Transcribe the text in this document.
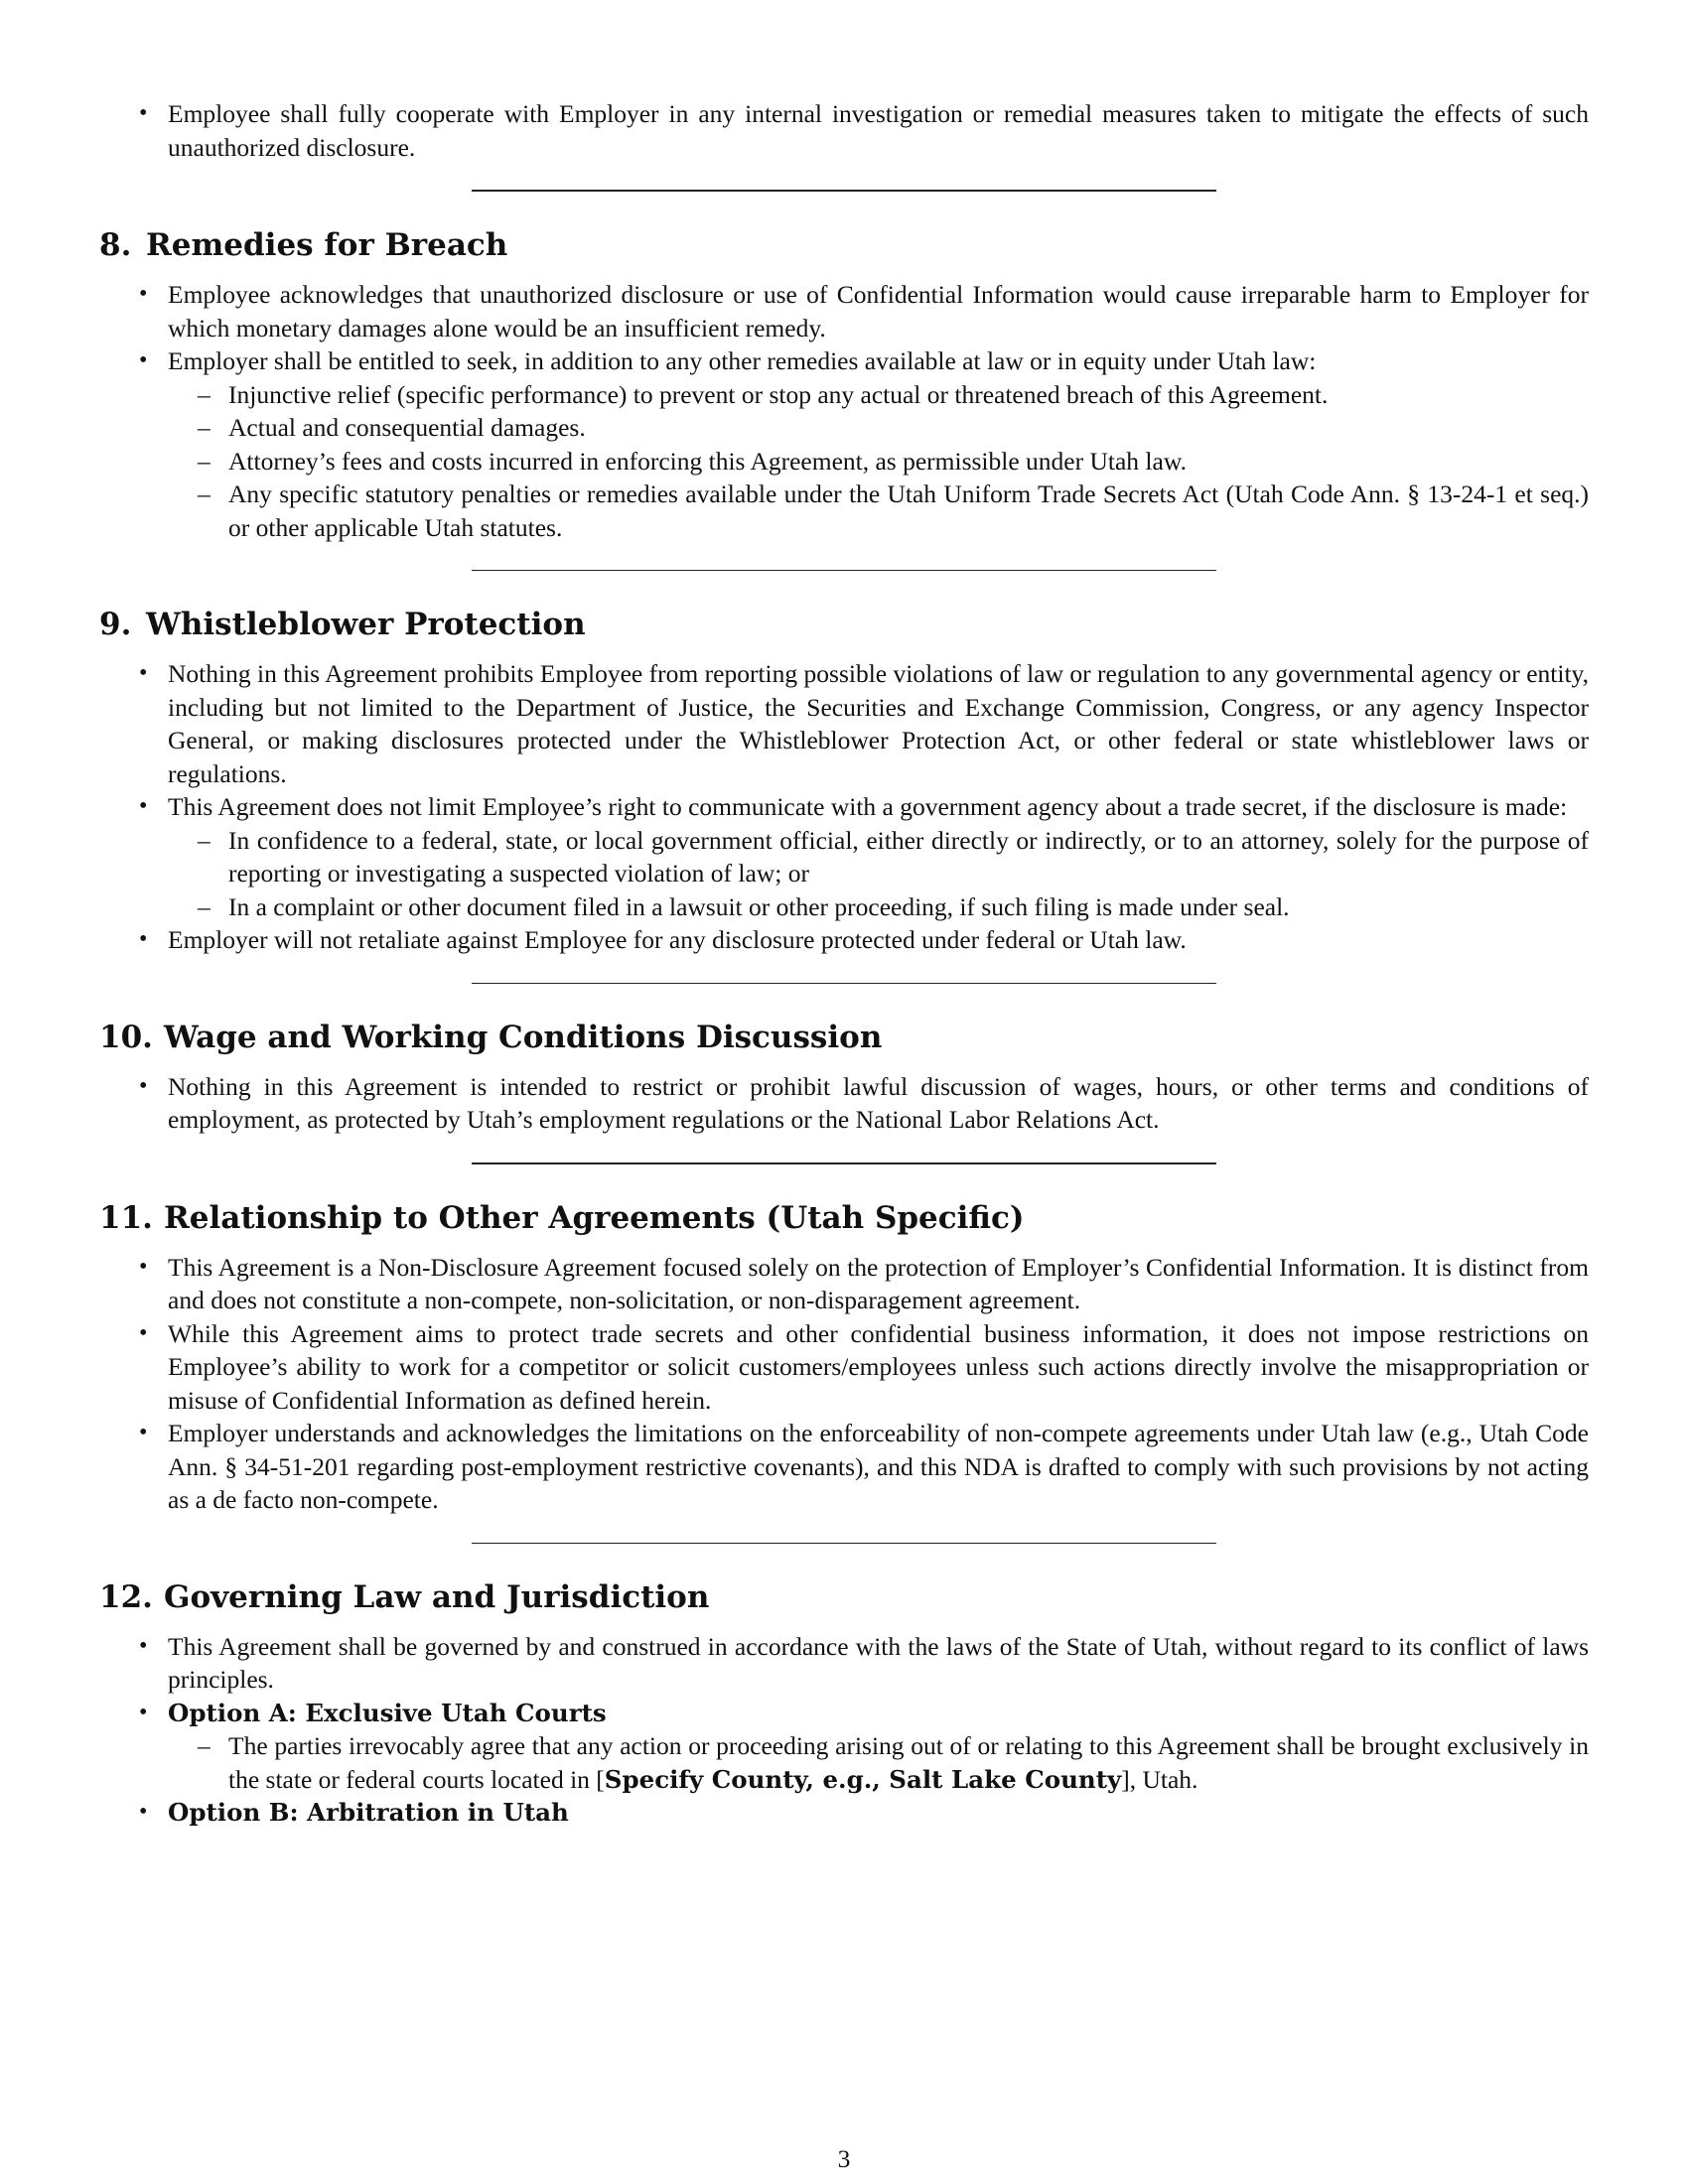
• Employee shall fully cooperate with Employer in any internal investigation or remedial measures taken to mitigate the effects of such unauthorized disclosure.
8. Remedies for Breach
• Employee acknowledges that unauthorized disclosure or use of Confidential Information would cause irreparable harm to Employer for which monetary damages alone would be an insufficient remedy.
• Employer shall be entitled to seek, in addition to any other remedies available at law or in equity under Utah law:
– Injunctive relief (specific performance) to prevent or stop any actual or threatened breach of this Agreement.
– Actual and consequential damages.
– Attorney’s fees and costs incurred in enforcing this Agreement, as permissible under Utah law.
– Any specific statutory penalties or remedies available under the Utah Uniform Trade Secrets Act (Utah Code Ann. § 13-24-1 et seq.) or other applicable Utah statutes.
9. Whistleblower Protection
• Nothing in this Agreement prohibits Employee from reporting possible violations of law or regulation to any governmental agency or entity, including but not limited to the Department of Justice, the Securities and Exchange Commission, Congress, or any agency Inspector General, or making disclosures protected under the Whistleblower Protection Act, or other federal or state whistleblower laws or regulations.
• This Agreement does not limit Employee’s right to communicate with a government agency about a trade secret, if the disclosure is made:
– In confidence to a federal, state, or local government official, either directly or indirectly, or to an attorney, solely for the purpose of reporting or investigating a suspected violation of law; or
– In a complaint or other document filed in a lawsuit or other proceeding, if such filing is made under seal.
• Employer will not retaliate against Employee for any disclosure protected under federal or Utah law.
10. Wage and Working Conditions Discussion
• Nothing in this Agreement is intended to restrict or prohibit lawful discussion of wages, hours, or other terms and conditions of employment, as protected by Utah’s employment regulations or the National Labor Relations Act.
11. Relationship to Other Agreements (Utah Specific)
• This Agreement is a Non-Disclosure Agreement focused solely on the protection of Employer’s Confidential Information. It is distinct from and does not constitute a non-compete, non-solicitation, or non-disparagement agreement.
• While this Agreement aims to protect trade secrets and other confidential business information, it does not impose restrictions on Employee’s ability to work for a competitor or solicit customers/employees unless such actions directly involve the misappropriation or misuse of Confidential Information as defined herein.
• Employer understands and acknowledges the limitations on the enforceability of non-compete agreements under Utah law (e.g., Utah Code Ann. § 34-51-201 regarding post-employment restrictive covenants), and this NDA is drafted to comply with such provisions by not acting as a de facto non-compete.
12. Governing Law and Jurisdiction
• This Agreement shall be governed by and construed in accordance with the laws of the State of Utah, without regard to its conflict of laws principles.
• Option A: Exclusive Utah Courts
– The parties irrevocably agree that any action or proceeding arising out of or relating to this Agreement shall be brought exclusively in the state or federal courts located in [Specify County, e.g., Salt Lake County], Utah.
• Option B: Arbitration in Utah
3
